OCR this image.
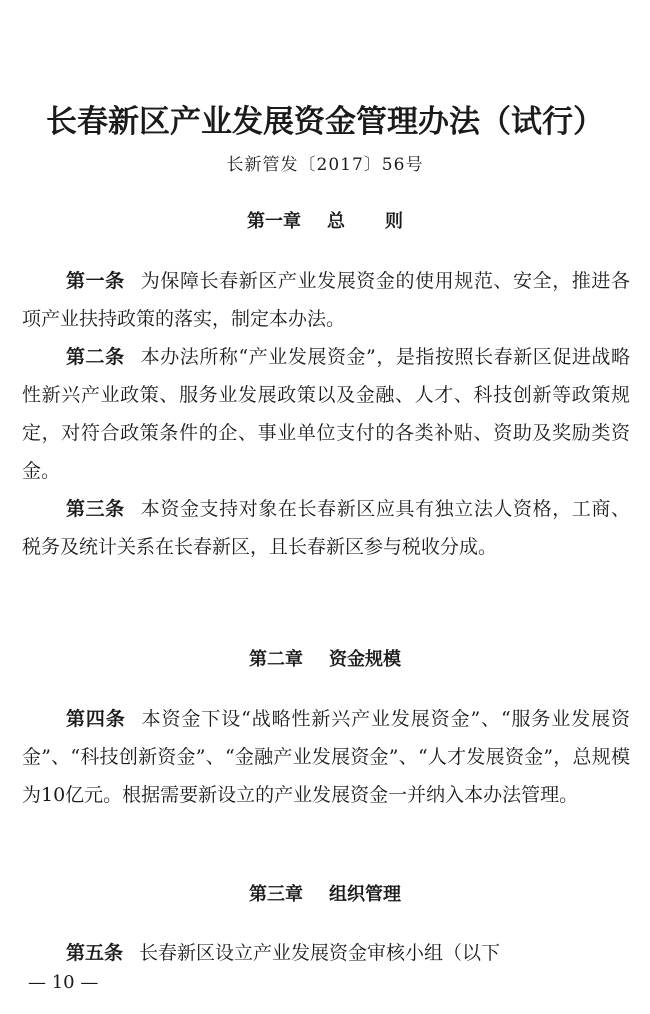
长春新区产业发展资金管理办法（试行）
长新管发〔2017〕56号
第一章 总 则

第一条 为保障长春新区产业发展资金的使用规范、安全，推进各项产业扶持政策的落实，制定本办法。

第二条 本办法所称“产业发展资金”，是指按照长春新区促进战略性新兴产业政策、服务业发展政策以及金融、人才、科技创新等政策规定，对符合政策条件的企、事业单位支付的各类补贴、资助及奖励类资金。

第三条 本资金支持对象在长春新区应具有独立法人资格，工商、税务及统计关系在长春新区，且长春新区参与税收分成。

第二章 资金规模

第四条 本资金下设“战略性新兴产业发展资金”、“服务业发展资金”、“科技创新资金”、“金融产业发展资金”、“人才发展资金”，总规模为10亿元。根据需要新设立的产业发展资金一并纳入本办法管理。

第三章 组织管理

第五条 长春新区设立产业发展资金审核小组（以下

— 10 —
